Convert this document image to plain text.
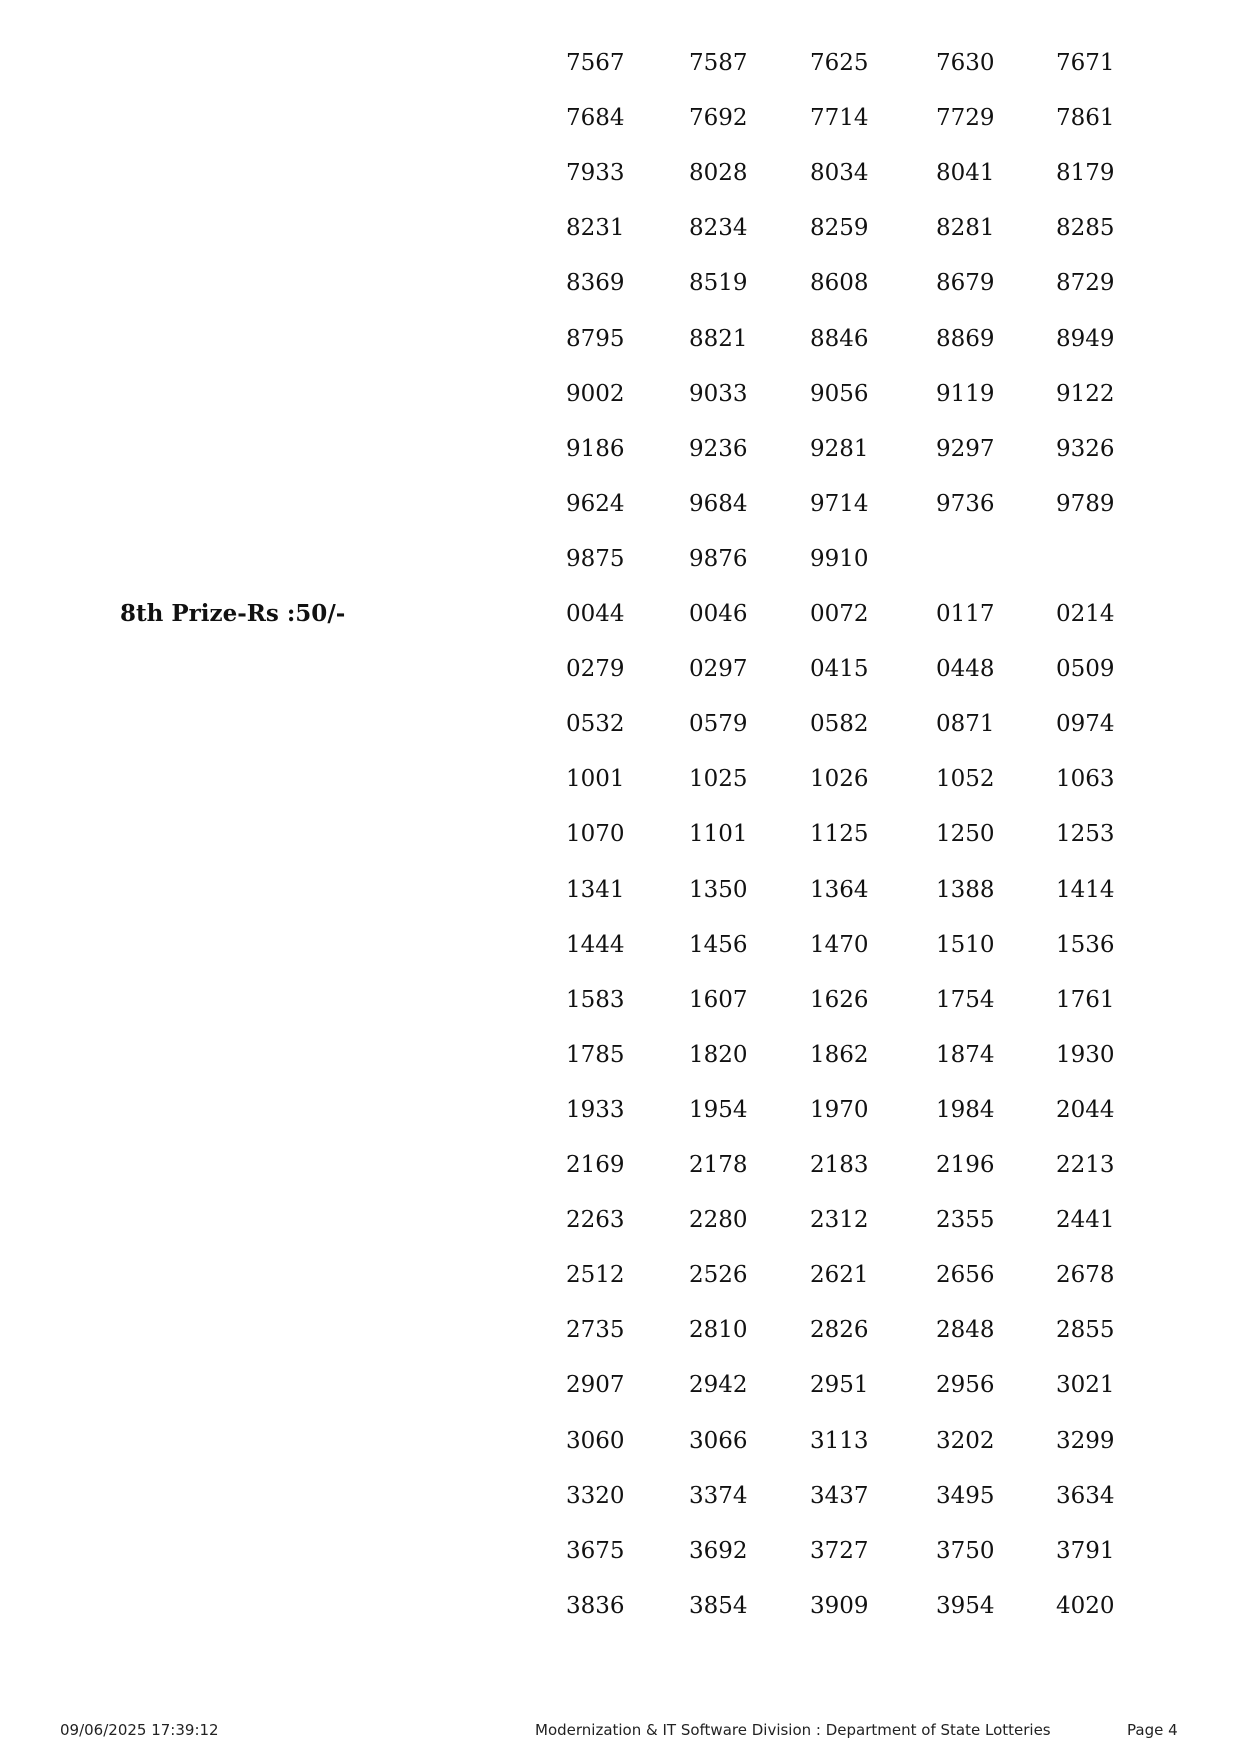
7567	7587	7625	7630	7671
7684	7692	7714	7729	7861
7933	8028	8034	8041	8179
8231	8234	8259	8281	8285
8369	8519	8608	8679	8729
8795	8821	8846	8869	8949
9002	9033	9056	9119	9122
9186	9236	9281	9297	9326
9624	9684	9714	9736	9789
9875	9876	9910
8th Prize-Rs :50/-	0044	0046	0072	0117	0214
0279	0297	0415	0448	0509
0532	0579	0582	0871	0974
1001	1025	1026	1052	1063
1070	1101	1125	1250	1253
1341	1350	1364	1388	1414
1444	1456	1470	1510	1536
1583	1607	1626	1754	1761
1785	1820	1862	1874	1930
1933	1954	1970	1984	2044
2169	2178	2183	2196	2213
2263	2280	2312	2355	2441
2512	2526	2621	2656	2678
2735	2810	2826	2848	2855
2907	2942	2951	2956	3021
3060	3066	3113	3202	3299
3320	3374	3437	3495	3634
3675	3692	3727	3750	3791
3836	3854	3909	3954	4020
09/06/2025 17:39:12	Modernization & IT Software Division : Department of State Lotteries	Page 4
